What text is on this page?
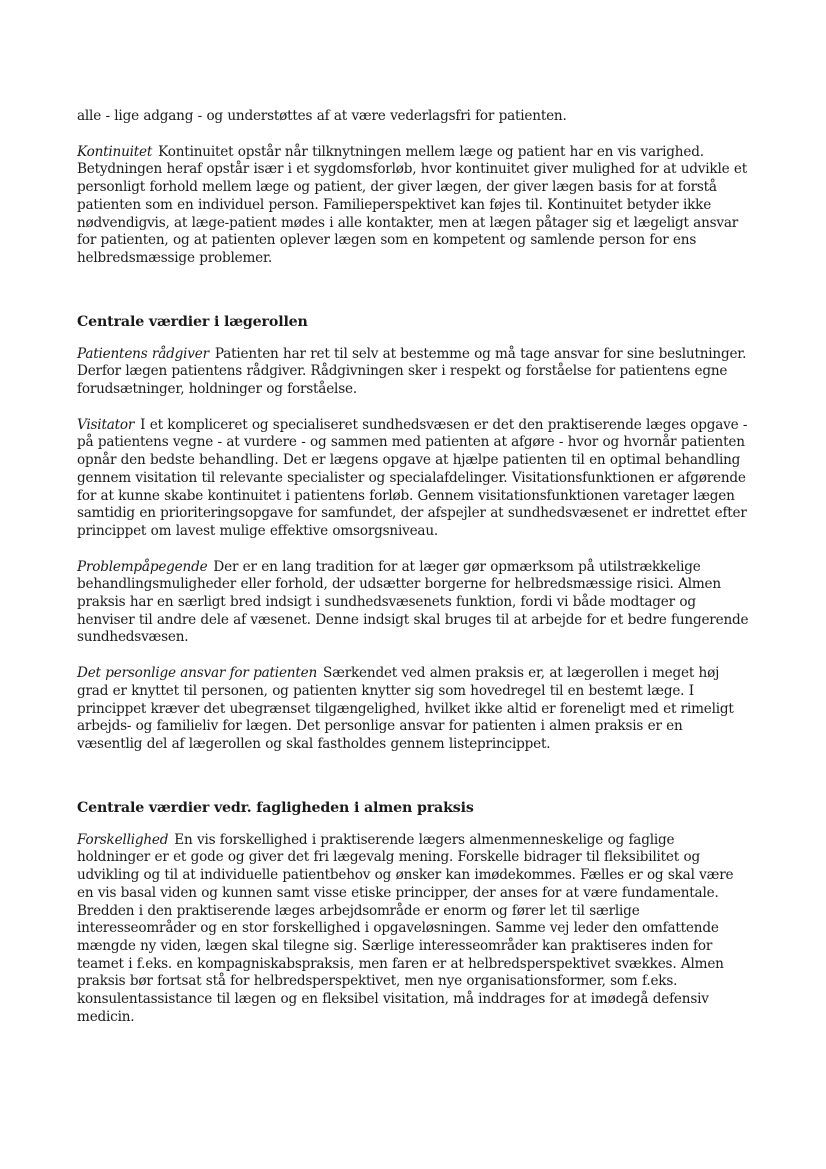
alle - lige adgang - og understøttes af at være vederlagsfri for patienten.

Kontinuitet Kontinuitet opstår når tilknytningen mellem læge og patient har en vis varighed. Betydningen heraf opstår især i et sygdomsforløb, hvor kontinuitet giver mulighed for at udvikle et personligt forhold mellem læge og patient, der giver lægen, der giver lægen basis for at forstå patienten som en individuel person. Familieperspektivet kan føjes til. Kontinuitet betyder ikke nødvendigvis, at læge-patient mødes i alle kontakter, men at lægen påtager sig et lægeligt ansvar for patienten, og at patienten oplever lægen som en kompetent og samlende person for ens helbredsmæssige problemer.

Centrale værdier i lægerollen

Patientens rådgiver Patienten har ret til selv at bestemme og må tage ansvar for sine beslutninger. Derfor lægen patientens rådgiver. Rådgivningen sker i respekt og forståelse for patientens egne forudsætninger, holdninger og forståelse.

Visitator I et kompliceret og specialiseret sundhedsvæsen er det den praktiserende læges opgave - på patientens vegne - at vurdere - og sammen med patienten at afgøre - hvor og hvornår patienten opnår den bedste behandling. Det er lægens opgave at hjælpe patienten til en optimal behandling gennem visitation til relevante specialister og specialafdelinger. Visitationsfunktionen er afgørende for at kunne skabe kontinuitet i patientens forløb. Gennem visitationsfunktionen varetager lægen samtidig en prioriteringsopgave for samfundet, der afspejler at sundhedsvæsenet er indrettet efter princippet om lavest mulige effektive omsorgsniveau.

Problempåpegende Der er en lang tradition for at læger gør opmærksom på utilstrækkelige behandlingsmuligheder eller forhold, der udsætter borgerne for helbredsmæssige risici. Almen praksis har en særligt bred indsigt i sundhedsvæsenets funktion, fordi vi både modtager og henviser til andre dele af væsenet. Denne indsigt skal bruges til at arbejde for et bedre fungerende sundhedsvæsen.

Det personlige ansvar for patienten Særkendet ved almen praksis er, at lægerollen i meget høj grad er knyttet til personen, og patienten knytter sig som hovedregel til en bestemt læge. I princippet kræver det ubegrænset tilgængelighed, hvilket ikke altid er foreneligt med et rimeligt arbejds- og familieliv for lægen. Det personlige ansvar for patienten i almen praksis er en væsentlig del af lægerollen og skal fastholdes gennem listeprincippet.

Centrale værdier vedr. fagligheden i almen praksis

Forskellighed En vis forskellighed i praktiserende lægers almenmenneskelige og faglige holdninger er et gode og giver det fri lægevalg mening. Forskelle bidrager til fleksibilitet og udvikling og til at individuelle patientbehov og ønsker kan imødekommes. Fælles er og skal være en vis basal viden og kunnen samt visse etiske principper, der anses for at være fundamentale. Bredden i den praktiserende læges arbejdsområde er enorm og fører let til særlige interesseområder og en stor forskellighed i opgaveløsningen. Samme vej leder den omfattende mængde ny viden, lægen skal tilegne sig. Særlige interesseområder kan praktiseres inden for teamet i f.eks. en kompagniskabspraksis, men faren er at helbredsperspektivet svækkes. Almen praksis bør fortsat stå for helbredsperspektivet, men nye organisationsformer, som f.eks. konsulentassistance til lægen og en fleksibel visitation, må inddrages for at imødegå defensiv medicin.
